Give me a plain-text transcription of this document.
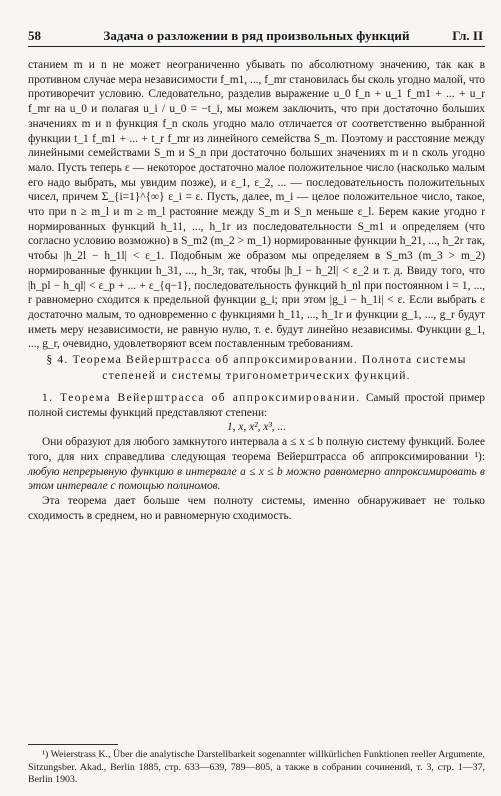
58	Задача о разложении в ряд произвольных функций	Гл. II

станием m и n не может неограниченно убывать по абсолютному значению, так как в противном случае мера независимости f_m1, ..., f_mr становилась бы сколь угодно малой, что противоречит условию. Следовательно, разделив выражение u_0 f_n + u_1 f_m1 + ... + u_r f_mr на u_0 и полагая u_i / u_0 = −t_i, мы можем заключить, что при достаточно больших значениях m и n функция f_n сколь угодно мало отличается от соответственно выбранной функции t_1 f_m1 + ... + t_r f_mr из линейного семейства S_m. Поэтому и расстояние между линейными семействами S_m и S_n при достаточно больших значениях m и n сколь угодно мало. Пусть теперь ε — некоторое достаточно малое положительное число (насколько малым его надо выбрать, мы увидим позже), и ε_1, ε_2, ... — последовательность положительных чисел, причем Σ_{i=1}^{∞} ε_i = ε. Пусть, далее, m_i — целое положительное число, такое, что при n ≥ m_l и m ≥ m_l растояние между S_m и S_n меньше ε_l. Берем какие угодно r нормированных функций h_11, ..., h_1r из последовательности S_m1 и определяем (что согласно условию возможно) в S_m2 (m_2 > m_1) нормированные функции h_21, ..., h_2r так, чтобы |h_2l − h_1l| < ε_1. Подобным же образом мы определяем в S_m3 (m_3 > m_2) нормированные функции h_31, ..., h_3r, так, чтобы |h_l − h_2l| < ε_2 и т. д. Ввиду того, что |h_pl − h_ql| < ε_p + ... + ε_{q−1}, последовательность функций h_nl при постоянном i = 1, ..., r равномерно сходится к предельной функции g_i; при этом |g_i − h_1i| < ε. Если выбрать ε достаточно малым, то одновременно с функциями h_11, ..., h_1r и функции g_1, ..., g_r будут иметь меру независимости, не равную нулю, т. е. будут линейно независимы. Функции g_1, ..., g_r, очевидно, удовлетворяют всем поставленным требованиям.

§ 4. Теорема Вейерштрасса об аппроксимировании. Полнота системы степеней и системы тригонометрических функций.

1. Теорема Вейерштрасса об аппроксимировании. Самый простой пример полной системы функций представляют степени:

1, x, x², x³, ...

Они образуют для любого замкнутого интервала a ≤ x ≤ b полную систему функций. Более того, для них справедлива следующая теорема Вейерштрасса об аппроксимировании ¹): любую непрерывную функцию в интервале a ≤ x ≤ b можно равномерно аппроксимировать в этом интервале с помощью полиномов.

Эта теорема дает больше чем полноту системы, именно обнаруживает не только сходимость в среднем, но и равномерную сходимость.

¹) Weierstrass K., Über die analytische Darstellbarkeit sogenannter willkürlichen Funktionen reeller Argumente, Sitzungsber. Akad., Berlin 1885, стр. 633—639, 789—805, а также в собрании сочинений, т. 3, стр. 1—37, Berlin 1903.
